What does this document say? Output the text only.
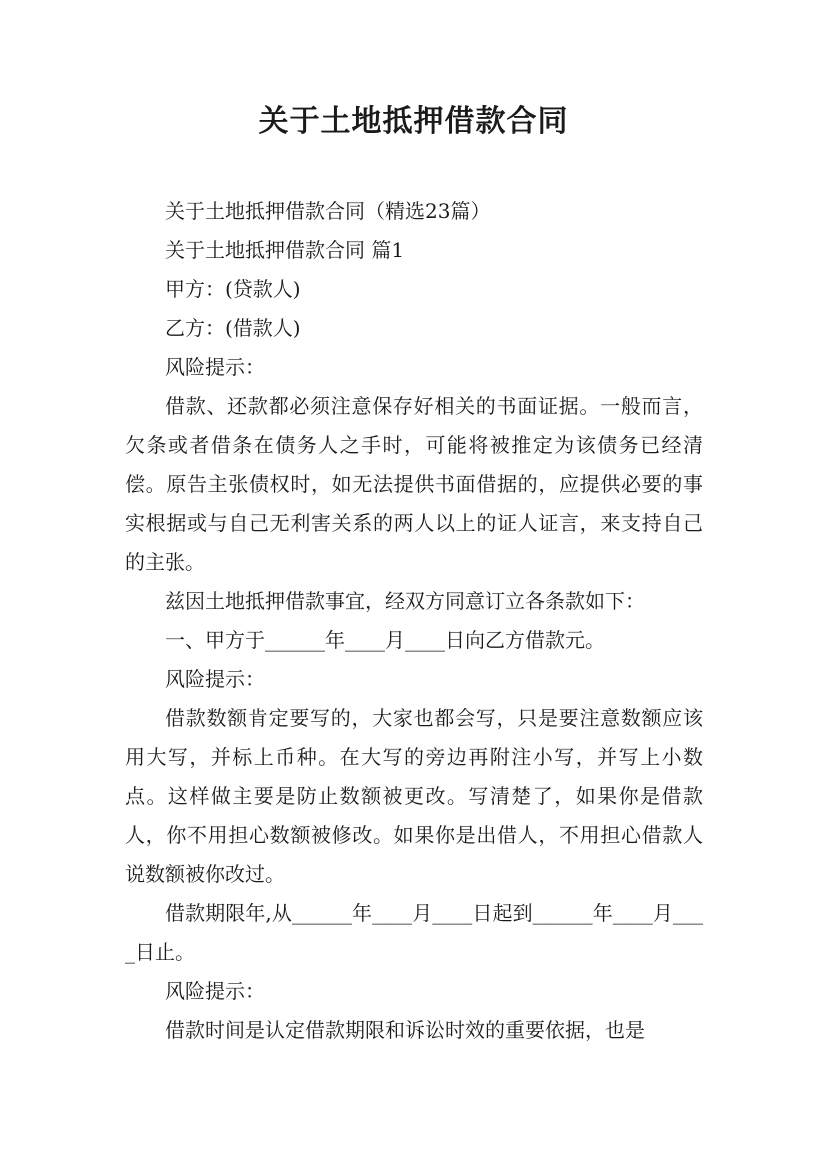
关于土地抵押借款合同

关于土地抵押借款合同（精选23篇）

关于土地抵押借款合同 篇1

甲方：(贷款人)

乙方：(借款人)

风险提示：

借款、还款都必须注意保存好相关的书面证据。一般而言，欠条或者借条在债务人之手时，可能将被推定为该债务已经清偿。原告主张债权时，如无法提供书面借据的，应提供必要的事实根据或与自己无利害关系的两人以上的证人证言，来支持自己的主张。

兹因土地抵押借款事宜，经双方同意订立各条款如下：

一、甲方于______年____月____日向乙方借款元。

风险提示：

借款数额肯定要写的，大家也都会写，只是要注意数额应该用大写，并标上币种。在大写的旁边再附注小写，并写上小数点。这样做主要是防止数额被更改。写清楚了，如果你是借款人，你不用担心数额被修改。如果你是出借人，不用担心借款人说数额被你改过。

借款期限年,从______年____月____日起到______年____月____日止。

风险提示：

借款时间是认定借款期限和诉讼时效的重要依据，也是
